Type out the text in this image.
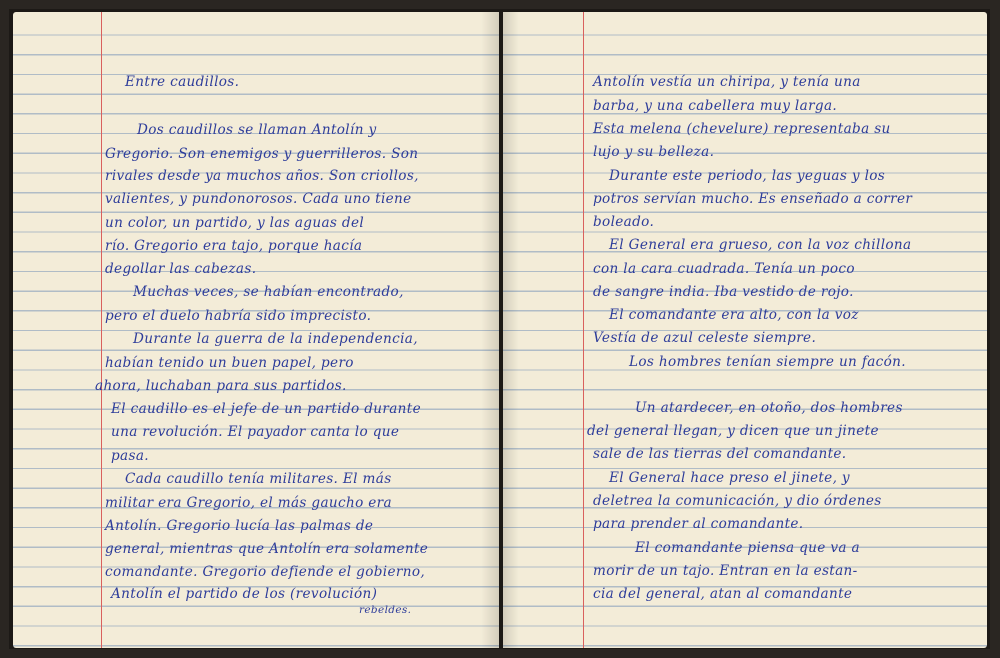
Entre caudillos.
Dos caudillos se llaman Antolín y
Gregorio. Son enemigos y guerrilleros. Son
rivales desde ya muchos años. Son criollos,
valientes, y pundonorosos. Cada uno tiene
un color, un partido, y las aguas del
río. Gregorio era tajo, porque hacía
degollar las cabezas.
Muchas veces, se habían encontrado,
pero el duelo habría sido imprecisto.
Durante la guerra de la independencia,
habían tenido un buen papel, pero
ahora, luchaban para sus partidos.
El caudillo es el jefe de un partido durante
una revolución. El payador canta lo que
pasa.
Cada caudillo tenía militares. El más
militar era Gregorio, el más gaucho era
Antolín. Gregorio lucía las palmas de
general, mientras que Antolín era solamente
comandante. Gregorio defiende el gobierno,
Antolín el partido de los (revolución)
rebeldes.
Antolín vestía un chiripa, y tenía una
barba, y una cabellera muy larga.
Esta melena (chevelure) representaba su
lujo y su belleza.
Durante este periodo, las yeguas y los
potros servían mucho. Es enseñado a correr
boleado.
El General era grueso, con la voz chillona
con la cara cuadrada. Tenía un poco
de sangre india. Iba vestido de rojo.
El comandante era alto, con la voz
Vestía de azul celeste siempre.
Los hombres tenían siempre un facón.
Un atardecer, en otoño, dos hombres
del general llegan, y dicen que un jinete
sale de las tierras del comandante.
El General hace preso el jinete, y
deletrea la comunicación, y dio órdenes
para prender al comandante.
El comandante piensa que va a
morir de un tajo. Entran en la estan-
cia del general, atan al comandante
